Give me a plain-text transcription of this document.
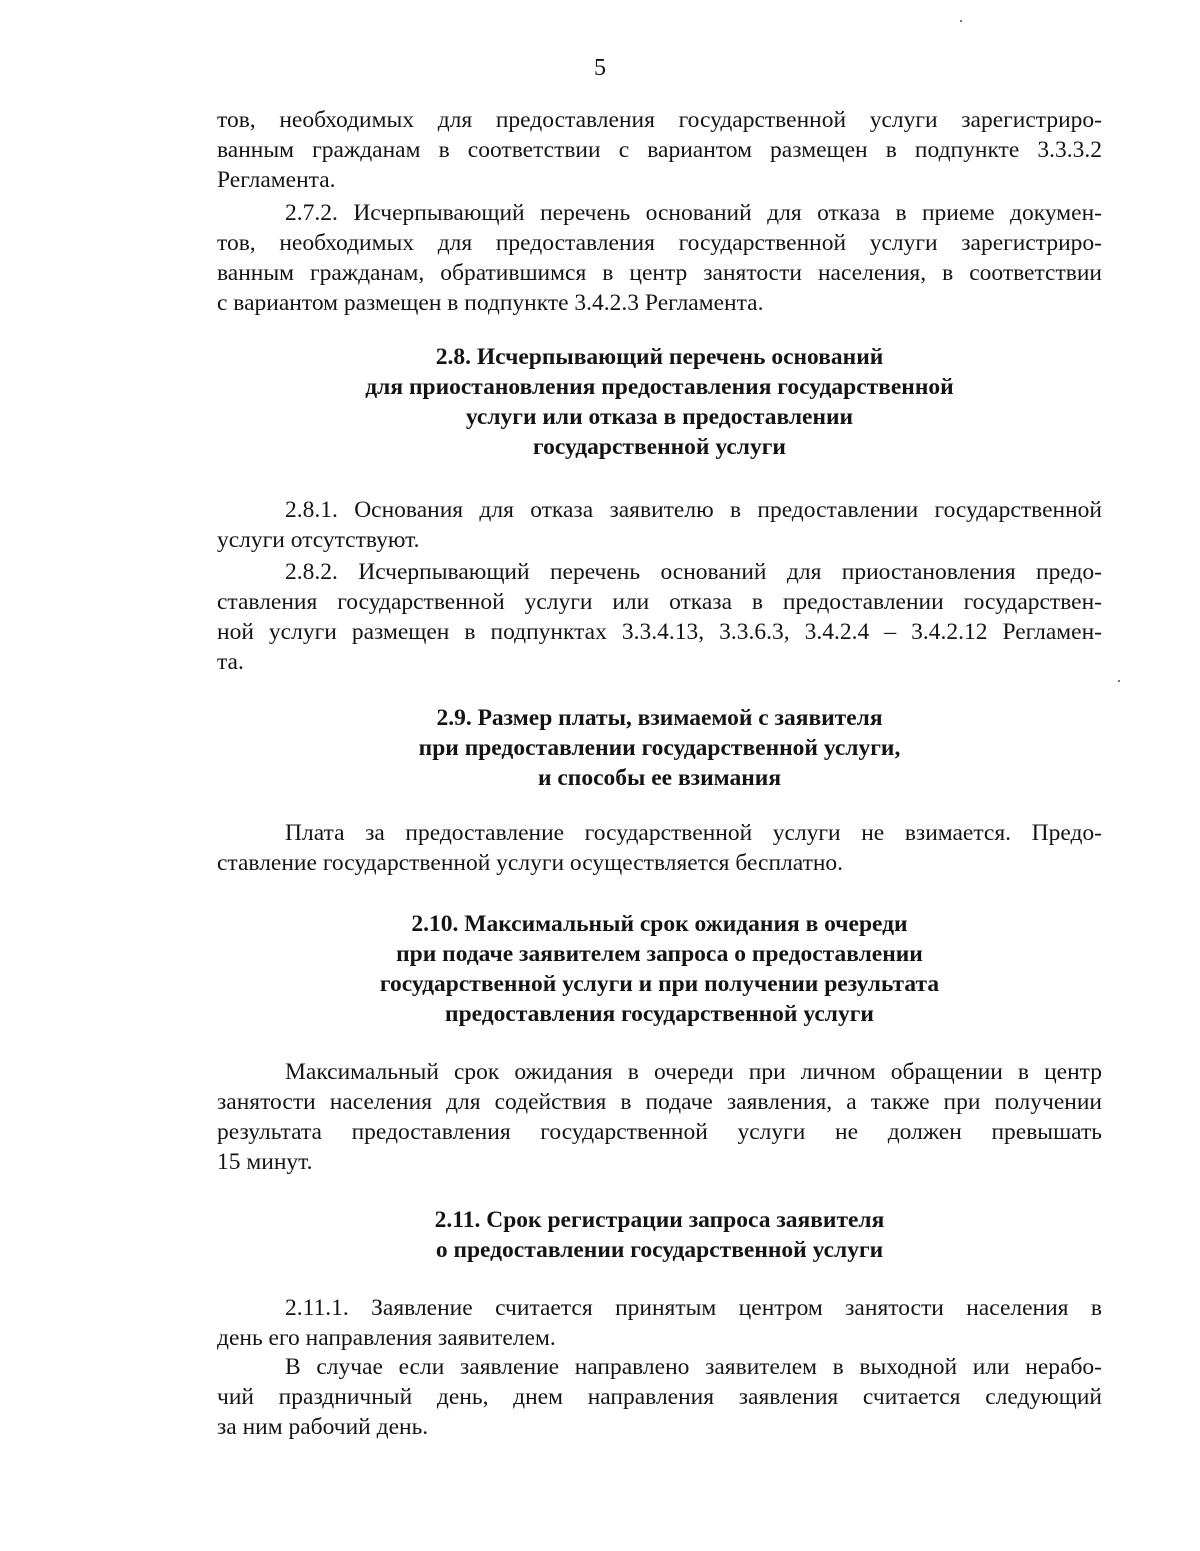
5
тов, необходимых для предоставления государственной услуги зарегистриро-
ванным гражданам в соответствии с вариантом размещен в подпункте 3.3.3.2
Регламента.
2.7.2. Исчерпывающий перечень оснований для отказа в приеме докумен-
тов, необходимых для предоставления государственной услуги зарегистриро-
ванным гражданам, обратившимся в центр занятости населения, в соответствии
с вариантом размещен в подпункте 3.4.2.3 Регламента.
2.8. Исчерпывающий перечень оснований
для приостановления предоставления государственной
услуги или отказа в предоставлении
государственной услуги
2.8.1. Основания для отказа заявителю в предоставлении государственной
услуги отсутствуют.
2.8.2. Исчерпывающий перечень оснований для приостановления предо-
ставления государственной услуги или отказа в предоставлении государствен-
ной услуги размещен в подпунктах 3.3.4.13, 3.3.6.3, 3.4.2.4 – 3.4.2.12 Регламен-
та.
2.9. Размер платы, взимаемой с заявителя
при предоставлении государственной услуги,
и способы ее взимания
Плата за предоставление государственной услуги не взимается. Предо-
ставление государственной услуги осуществляется бесплатно.
2.10. Максимальный срок ожидания в очереди
при подаче заявителем запроса о предоставлении
государственной услуги и при получении результата
предоставления государственной услуги
Максимальный срок ожидания в очереди при личном обращении в центр
занятости населения для содействия в подаче заявления, а также при получении
результата предоставления государственной услуги не должен превышать
15 минут.
2.11. Срок регистрации запроса заявителя
о предоставлении государственной услуги
2.11.1. Заявление считается принятым центром занятости населения в
день его направления заявителем.
В случае если заявление направлено заявителем в выходной или нерабо-
чий праздничный день, днем направления заявления считается следующий
за ним рабочий день.
